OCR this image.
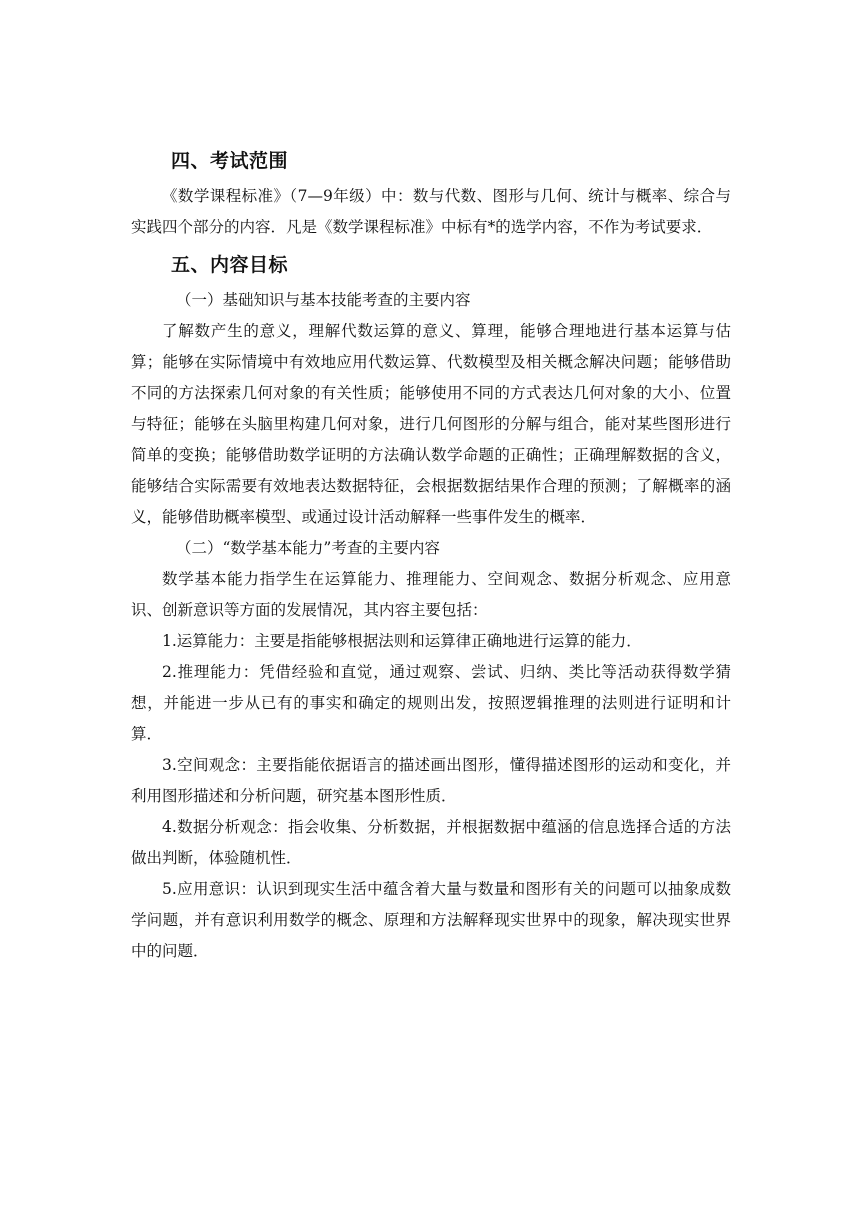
四、考试范围

《数学课程标准》（7—9年级）中：数与代数、图形与几何、统计与概率、综合与实践四个部分的内容．凡是《数学课程标准》中标有*的选学内容，不作为考试要求．

五、内容目标

（一）基础知识与基本技能考查的主要内容

了解数产生的意义，理解代数运算的意义、算理，能够合理地进行基本运算与估算；能够在实际情境中有效地应用代数运算、代数模型及相关概念解决问题；能够借助不同的方法探索几何对象的有关性质；能够使用不同的方式表达几何对象的大小、位置与特征；能够在头脑里构建几何对象，进行几何图形的分解与组合，能对某些图形进行简单的变换；能够借助数学证明的方法确认数学命题的正确性；正确理解数据的含义，能够结合实际需要有效地表达数据特征，会根据数据结果作合理的预测；了解概率的涵义，能够借助概率模型、或通过设计活动解释一些事件发生的概率．

（二）“数学基本能力”考查的主要内容

数学基本能力指学生在运算能力、推理能力、空间观念、数据分析观念、应用意识、创新意识等方面的发展情况，其内容主要包括：

1.运算能力：主要是指能够根据法则和运算律正确地进行运算的能力．

2.推理能力：凭借经验和直觉，通过观察、尝试、归纳、类比等活动获得数学猜想，并能进一步从已有的事实和确定的规则出发，按照逻辑推理的法则进行证明和计算．

3.空间观念：主要指能依据语言的描述画出图形，懂得描述图形的运动和变化，并利用图形描述和分析问题，研究基本图形性质．

4.数据分析观念：指会收集、分析数据，并根据数据中蕴涵的信息选择合适的方法做出判断，体验随机性．

5.应用意识：认识到现实生活中蕴含着大量与数量和图形有关的问题可以抽象成数学问题，并有意识利用数学的概念、原理和方法解释现实世界中的现象，解决现实世界中的问题．
